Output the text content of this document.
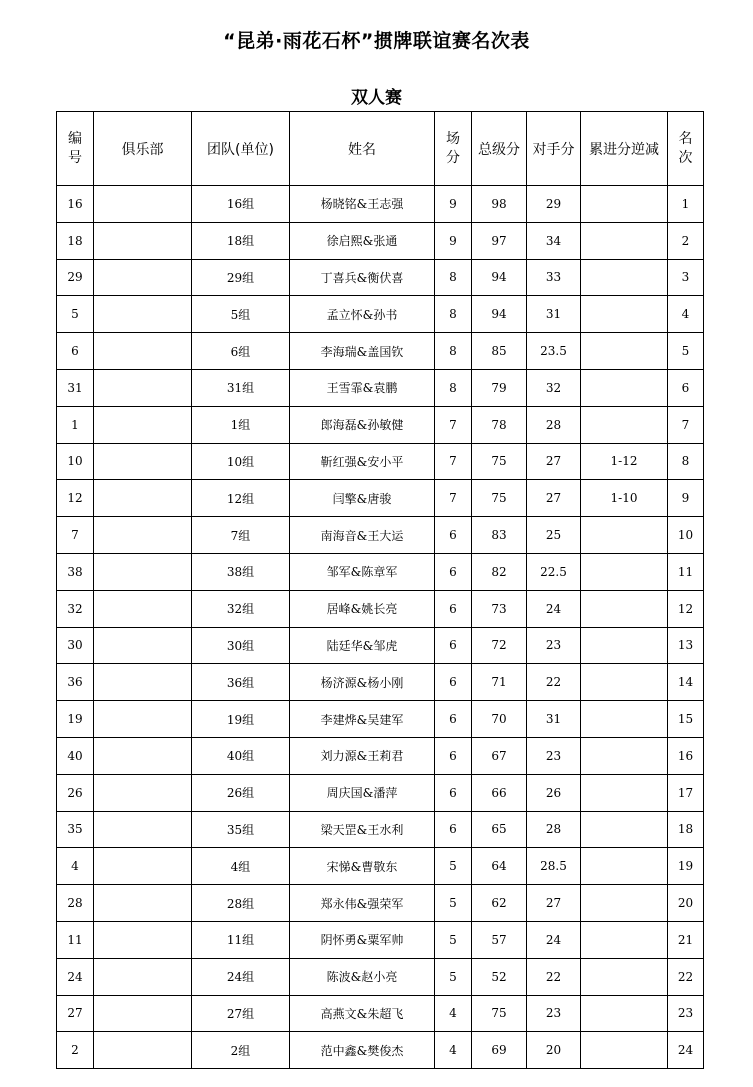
“昆弟·雨花石杯”掼牌联谊赛名次表
双人赛
编号	俱乐部	团队(单位)	姓名	场分	总级分	对手分	累进分逆减	名次
16		16组	杨晓铭&王志强	9	98	29		1
18		18组	徐启熙&张通	9	97	34		2
29		29组	丁喜兵&衡伏喜	8	94	33		3
5		5组	孟立怀&孙书	8	94	31		4
6		6组	李海瑞&盖国钦	8	85	23.5		5
31		31组	王雪霏&袁鹏	8	79	32		6
1		1组	郎海磊&孙敏健	7	78	28		7
10		10组	靳红强&安小平	7	75	27	1-12	8
12		12组	闫擎&唐骏	7	75	27	1-10	9
7		7组	南海音&王大运	6	83	25		10
38		38组	邹军&陈章军	6	82	22.5		11
32		32组	居峰&姚长亮	6	73	24		12
30		30组	陆廷华&邹虎	6	72	23		13
36		36组	杨济源&杨小刚	6	71	22		14
19		19组	李建烨&吴建军	6	70	31		15
40		40组	刘力源&王莉君	6	67	23		16
26		26组	周庆国&潘萍	6	66	26		17
35		35组	梁天罡&王水利	6	65	28		18
4		4组	宋悌&曹敬东	5	64	28.5		19
28		28组	郑永伟&强荣军	5	62	27		20
11		11组	阴怀勇&粟军帅	5	57	24		21
24		24组	陈波&赵小亮	5	52	22		22
27		27组	高燕文&朱超飞	4	75	23		23
2		2组	范中鑫&樊俊杰	4	69	20		24
